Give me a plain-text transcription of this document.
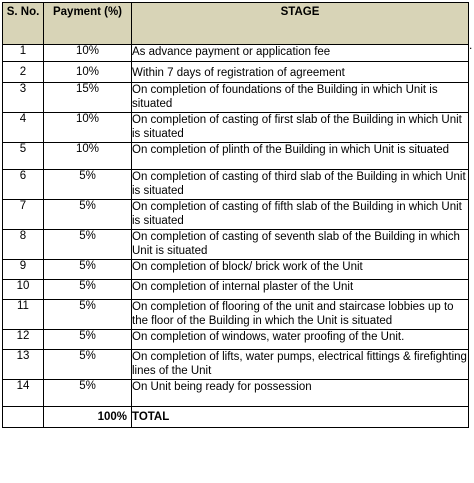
S. No.	Payment (%)	STAGE
1	10%	As advance payment or application fee
2	10%	Within 7 days of registration of agreement
3	15%	On completion of foundations of the Building in which Unit is situated
4	10%	On completion of casting of first slab of the Building in which Unit is situated
5	10%	On completion of plinth of the Building in which Unit is situated
6	5%	On completion of casting of third slab of the Building in which Unit is situated
7	5%	On completion of casting of fifth slab of the Building in which Unit is situated
8	5%	On completion of casting of seventh slab of the Building in which Unit is situated
9	5%	On completion of block/ brick work of the Unit
10	5%	On completion of internal plaster of the Unit
11	5%	On completion of flooring of the unit and staircase lobbies up to the floor of the Building in which the Unit is situated
12	5%	On completion of windows, water proofing of the Unit.
13	5%	On completion of lifts, water pumps, electrical fittings & firefighting lines of the Unit
14	5%	On Unit being ready for possession
	100%	TOTAL
.
